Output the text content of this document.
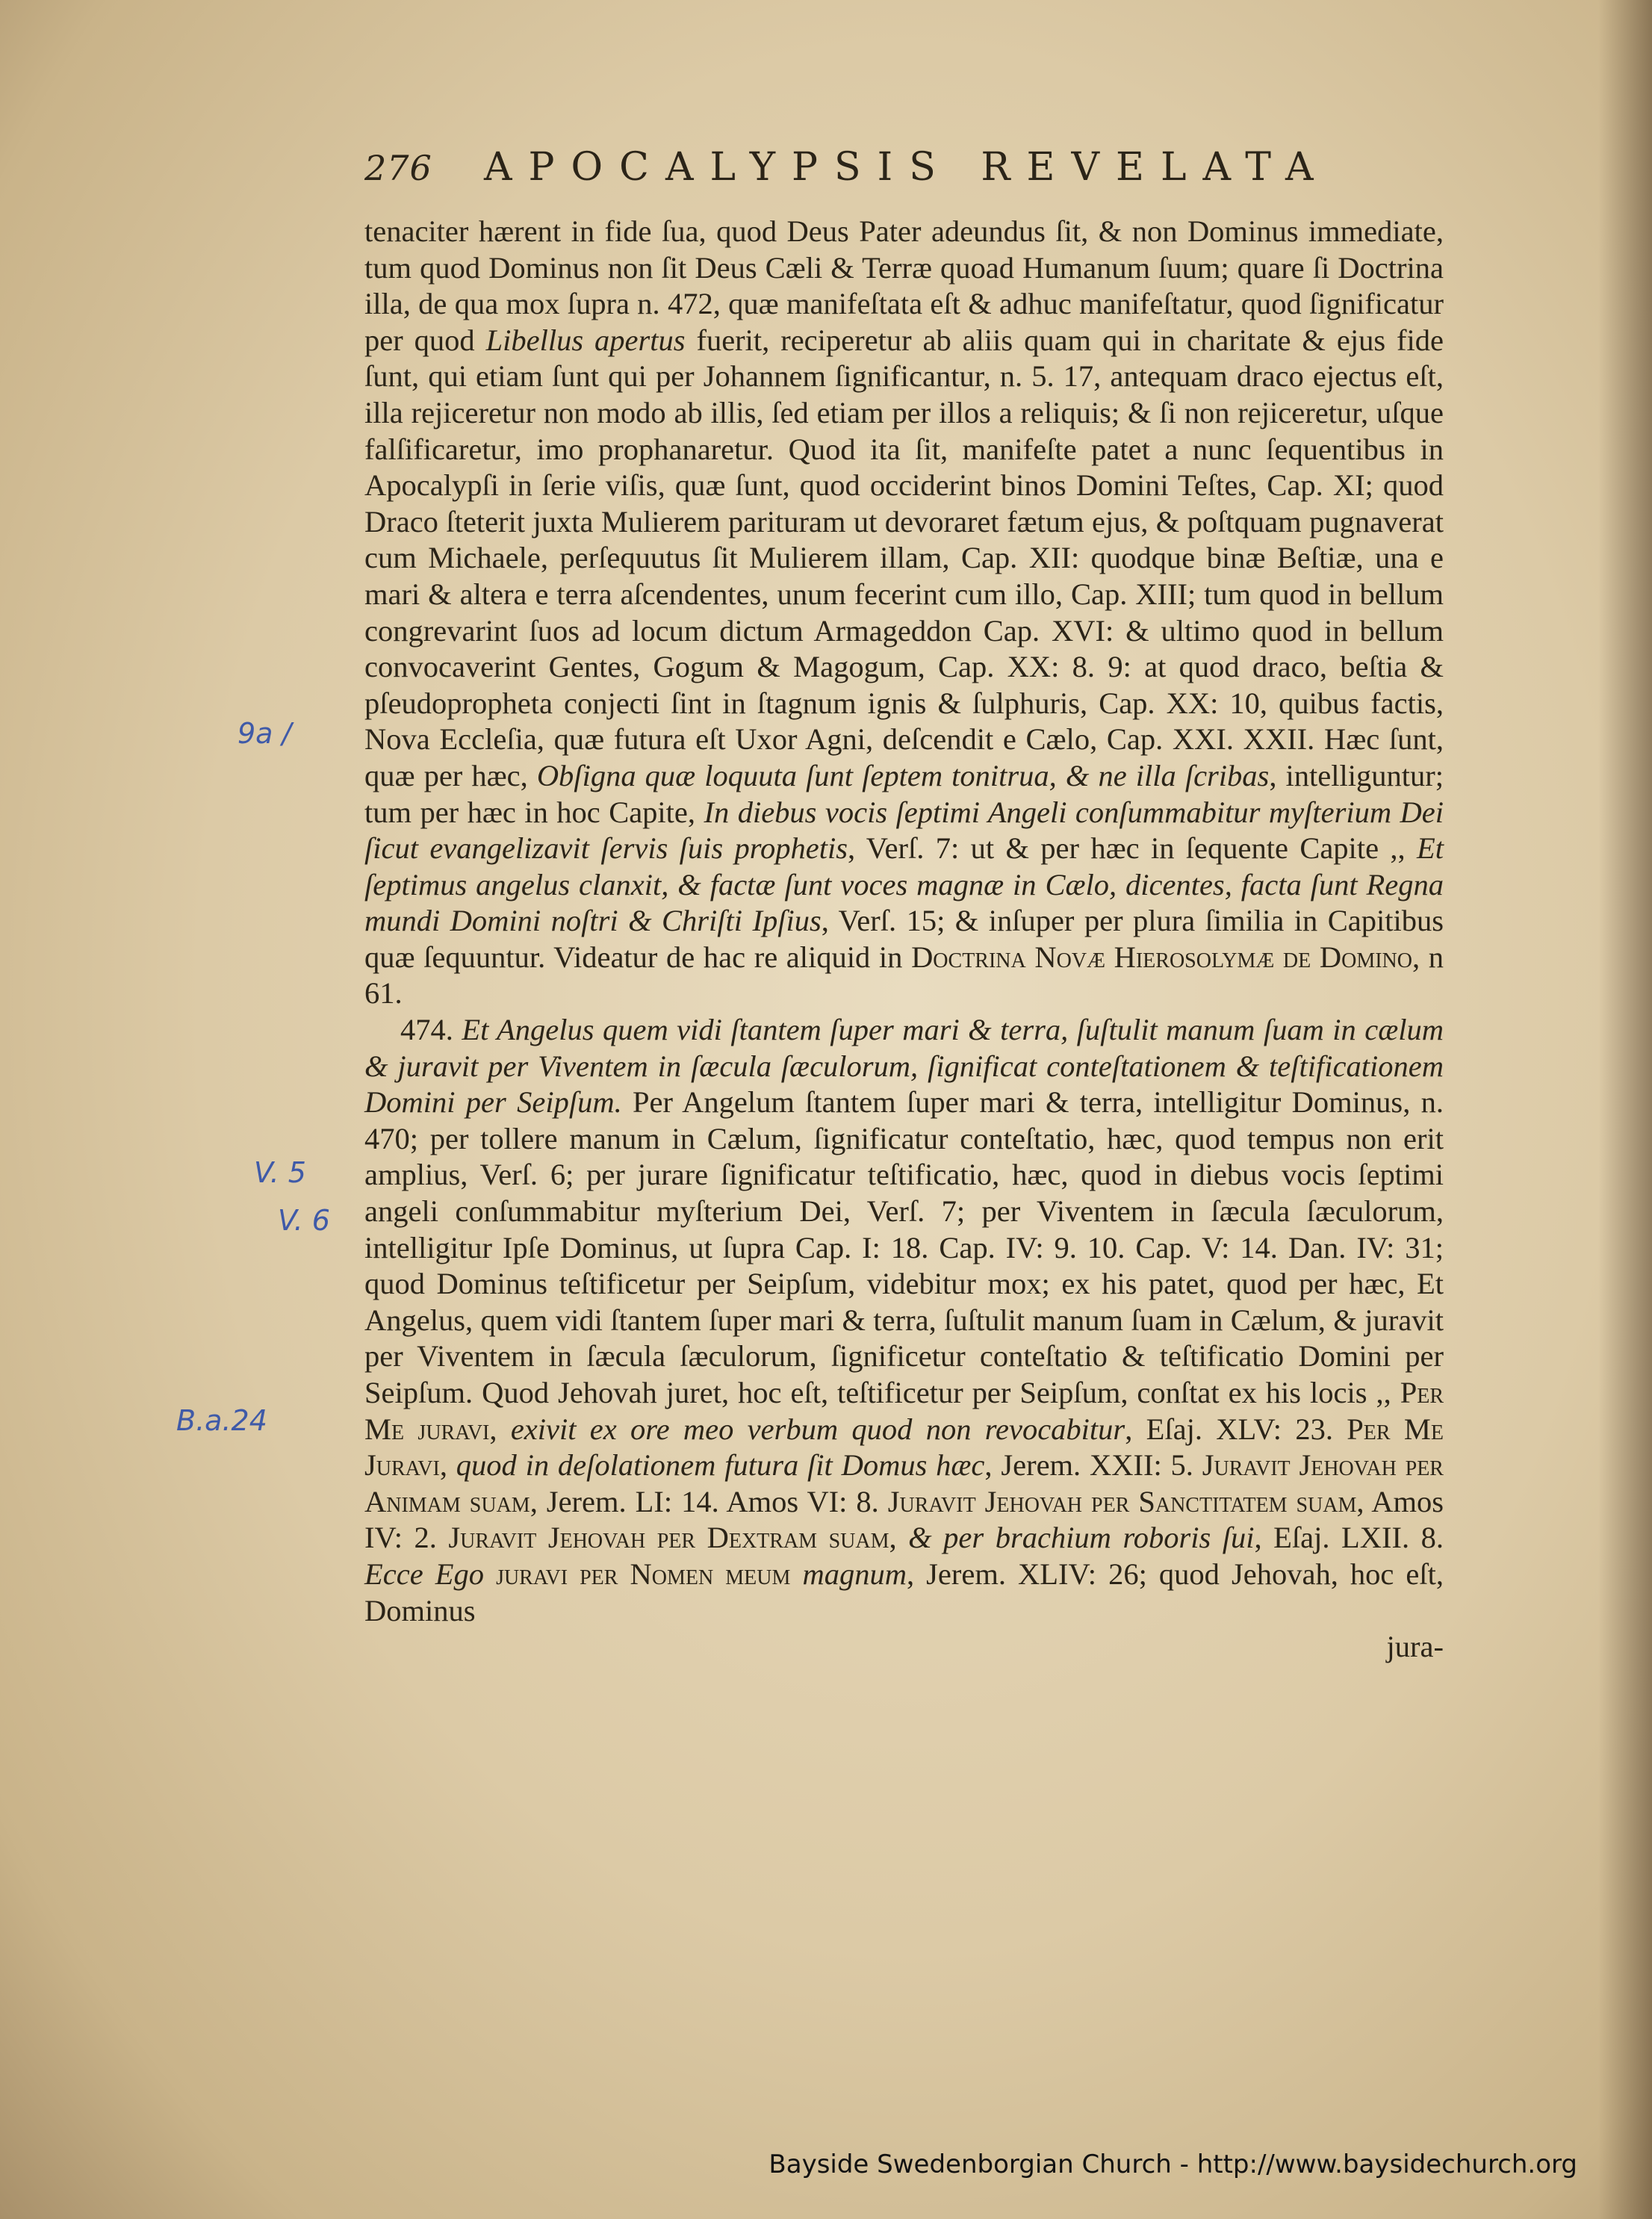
276 APOCALYPSIS REVELATA

tenaciter hærent in fide ſua, quod Deus Pater adeundus ſit, & non Dominus immediate, tum quod Dominus non ſit Deus Cæli & Terræ quoad Humanum ſuum; quare ſi Doctrina illa, de qua mox ſupra n. 472, quæ manifeſtata eſt & adhuc manifeſtatur, quod ſignificatur per quod Libellus apertus fuerit, reciperetur ab aliis quam qui in charitate & ejus fide ſunt, qui etiam ſunt qui per Johannem ſignificantur, n. 5. 17, antequam draco ejectus eſt, illa rejiceretur non modo ab illis, ſed etiam per illos a reliquis; & ſi non rejiceretur, uſque falſificaretur, imo prophanaretur. Quod ita ſit, manifeſte patet a nunc ſequentibus in Apocalypſi in ſerie viſis, quæ ſunt, quod occiderint binos Domini Teſtes, Cap. XI; quod Draco ſteterit juxta Mulierem parituram ut devoraret fætum ejus, & poſtquam pugnaverat cum Michaele, perſequutus ſit Mulierem illam, Cap. XII: quodque binæ Beſtiæ, una e mari & altera e terra aſcendentes, unum fecerint cum illo, Cap. XIII; tum quod in bellum congrevarint ſuos ad locum dictum Armageddon Cap. XVI: & ultimo quod in bellum convocaverint Gentes, Gogum & Magogum, Cap. XX: 8. 9: at quod draco, beſtia & pſeudopropheta conjecti ſint in ſtagnum ignis & ſulphuris, Cap. XX: 10, quibus factis, Nova Eccleſia, quæ futura eſt Uxor Agni, deſcendit e Cælo, Cap. XXI. XXII. Hæc ſunt, quæ per hæc, Obſigna quæ loquuta ſunt ſeptem tonitrua, & ne illa ſcribas, intelliguntur; tum per hæc in hoc Capite, In diebus vocis ſeptimi Angeli conſummabitur myſterium Dei ſicut evangelizavit ſervis ſuis prophetis, Verſ. 7: ut & per hæc in ſequente Capite ,, Et ſeptimus angelus clanxit, & factæ ſunt voces magnæ in Cælo, dicentes, facta ſunt Regna mundi Domini noſtri & Chriſti Ipſius, Verſ. 15; & inſuper per plura ſimilia in Capitibus quæ ſequuntur. Videatur de hac re aliquid in Doctrina Novæ Hierosolymæ de Domino, n 61.

474. Et Angelus quem vidi ſtantem ſuper mari & terra, ſuſtulit manum ſuam in cælum & juravit per Viventem in ſæcula ſæculorum, ſignificat conteſtationem & teſtificationem Domini per Seipſum. Per Angelum ſtantem ſuper mari & terra, intelligitur Dominus, n. 470; per tollere manum in Cælum, ſignificatur conteſtatio, hæc, quod tempus non erit amplius, Verſ. 6; per jurare ſignificatur teſtificatio, hæc, quod in diebus vocis ſeptimi angeli conſummabitur myſterium Dei, Verſ. 7; per Viventem in ſæcula ſæculorum, intelligitur Ipſe Dominus, ut ſupra Cap. I: 18. Cap. IV: 9. 10. Cap. V: 14. Dan. IV: 31; quod Dominus teſtificetur per Seipſum, videbitur mox; ex his patet, quod per hæc, Et Angelus, quem vidi ſtantem ſuper mari & terra, ſuſtulit manum ſuam in Cælum, & juravit per Viventem in ſæcula ſæculorum, ſignificetur conteſtatio & teſtificatio Domini per Seipſum. Quod Jehovah juret, hoc eſt, teſtificetur per Seipſum, conſtat ex his locis ,, Per Me juravi, exivit ex ore meo verbum quod non revocabitur, Eſaj. XLV: 23. Per Me Juravi, quod in deſolationem futura ſit Domus hæc, Jerem. XXII: 5. Juravit Jehovah per Animam suam, Jerem. LI: 14. Amos VI: 8. Juravit Jehovah per Sanctitatem suam, Amos IV: 2. Juravit Jehovah per Dextram suam, & per brachium roboris ſui, Eſaj. LXII. 8. Ecce Ego juravi per Nomen meum magnum, Jerem. XLIV: 26; quod Jehovah, hoc eſt, Dominus

jura-
9a /
V. 5
V. 6
B.a.24
Bayside Swedenborgian Church - http://www.baysidechurch.org
